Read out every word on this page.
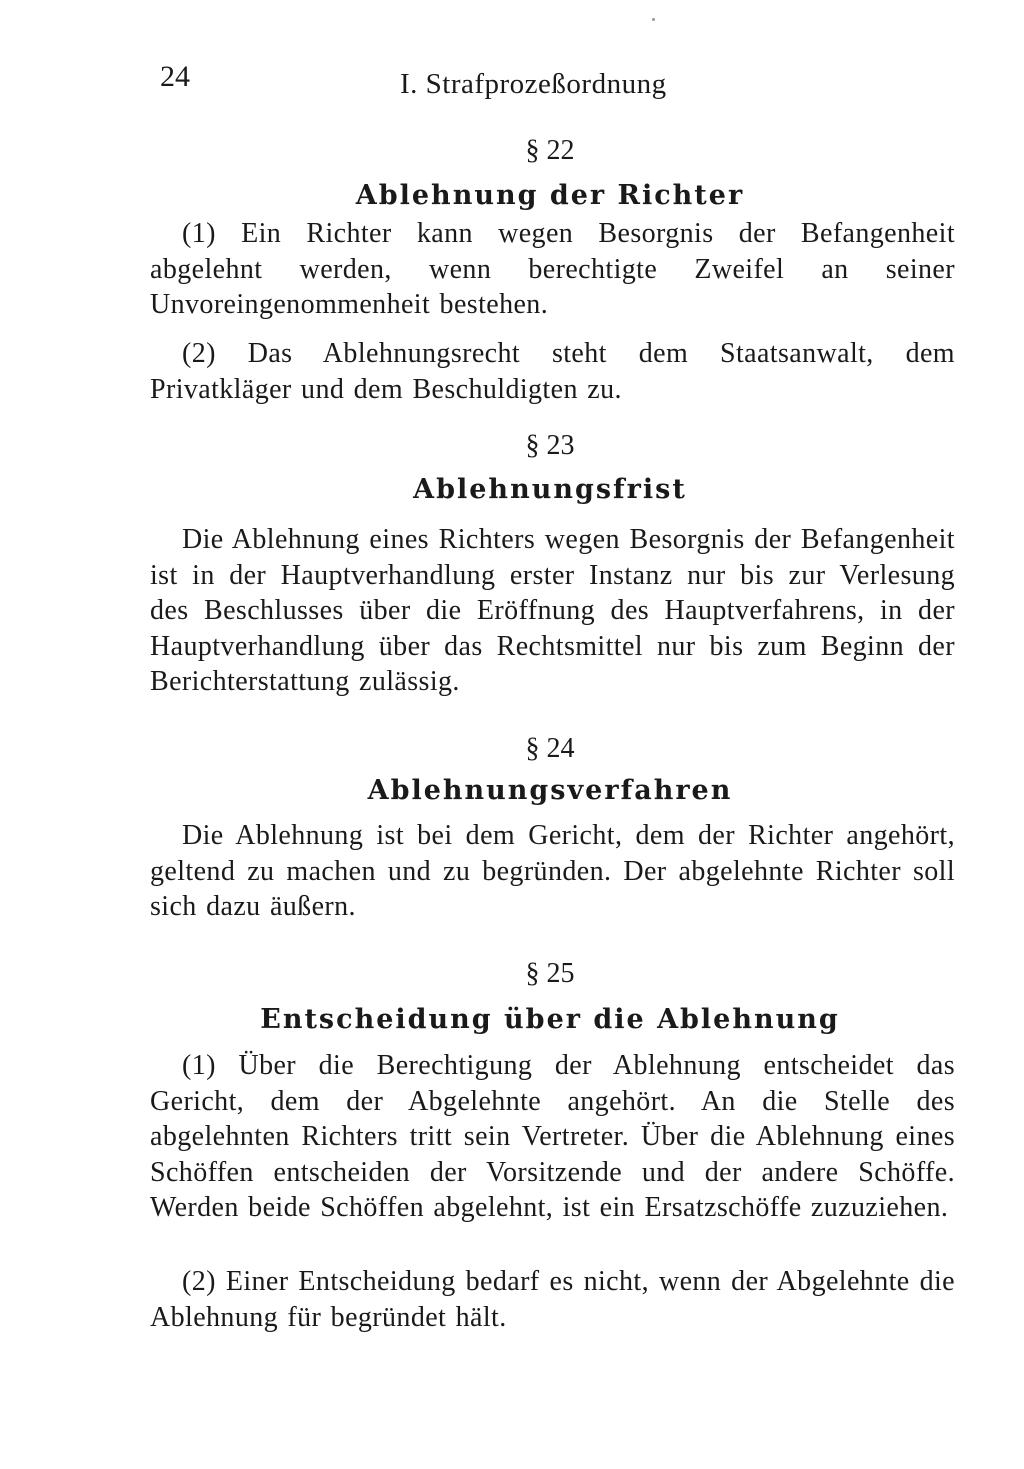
24	I. Strafprozeßordnung
§ 22
Ablehnung der Richter

(1) Ein Richter kann wegen Besorgnis der Befangenheit abgelehnt werden, wenn berechtigte Zweifel an seiner Unvoreingenommenheit bestehen.

(2) Das Ablehnungsrecht steht dem Staatsanwalt, dem Privatkläger und dem Beschuldigten zu.

§ 23
Ablehnungsfrist

Die Ablehnung eines Richters wegen Besorgnis der Befangenheit ist in der Hauptverhandlung erster Instanz nur bis zur Verlesung des Beschlusses über die Eröffnung des Hauptverfahrens, in der Hauptverhandlung über das Rechtsmittel nur bis zum Beginn der Berichterstattung zulässig.

§ 24
Ablehnungsverfahren

Die Ablehnung ist bei dem Gericht, dem der Richter angehört, geltend zu machen und zu begründen. Der abgelehnte Richter soll sich dazu äußern.

§ 25
Entscheidung über die Ablehnung

(1) Über die Berechtigung der Ablehnung entscheidet das Gericht, dem der Abgelehnte angehört. An die Stelle des abgelehnten Richters tritt sein Vertreter. Über die Ablehnung eines Schöffen entscheiden der Vorsitzende und der andere Schöffe. Werden beide Schöffen abgelehnt, ist ein Ersatzschöffe zuzuziehen.

(2) Einer Entscheidung bedarf es nicht, wenn der Abgelehnte die Ablehnung für begründet hält.
